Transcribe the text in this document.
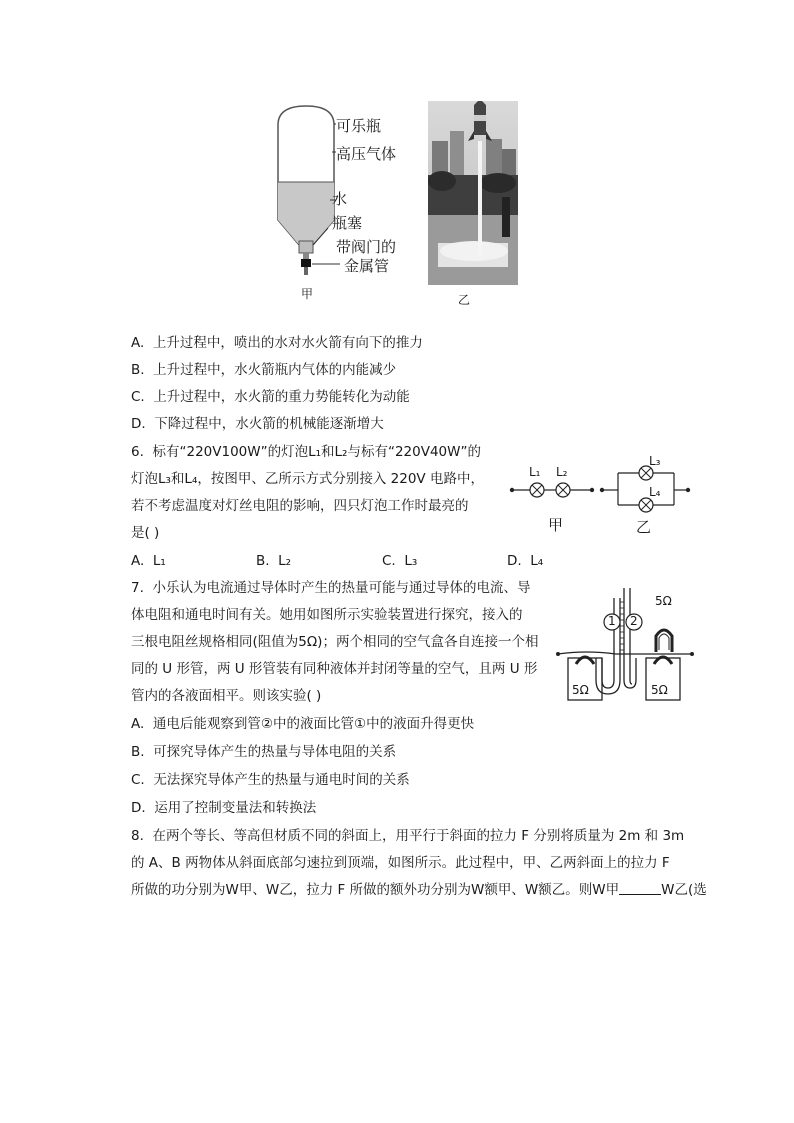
可乐瓶
高压气体
水
瓶塞
带阀门的
金属管
甲	乙
A. 上升过程中，喷出的水对水火箭有向下的推力
B. 上升过程中，水火箭瓶内气体的内能减少
C. 上升过程中，水火箭的重力势能转化为动能
D. 下降过程中，水火箭的机械能逐渐增大
6. 标有“220V100W”的灯泡L₁和L₂与标有“220V40W”的
灯泡L₃和L₄，按图甲、乙所示方式分别接入 220V 电路中，
若不考虑温度对灯丝电阻的影响，四只灯泡工作时最亮的
是( )
L₁ L₂
甲
L₃
L₄
乙
A. L₁	B. L₂	C. L₃	D. L₄
7. 小乐认为电流通过导体时产生的热量可能与通过导体的电流、导
体电阻和通电时间有关。她用如图所示实验装置进行探究，接入的
三根电阻丝规格相同(阻值为5Ω)；两个相同的空气盒各自连接一个相
同的 U 形管，两 U 形管装有同种液体并封闭等量的空气，且两 U 形
管内的各液面相平。则该实验( )
1 2
5Ω
5Ω	5Ω
A. 通电后能观察到管②中的液面比管①中的液面升得更快
B. 可探究导体产生的热量与导体电阻的关系
C. 无法探究导体产生的热量与通电时间的关系
D. 运用了控制变量法和转换法
8. 在两个等长、等高但材质不同的斜面上，用平行于斜面的拉力 F 分别将质量为 2m 和 3m
的 A、B 两物体从斜面底部匀速拉到顶端，如图所示。此过程中，甲、乙两斜面上的拉力 F
所做的功分别为W甲、W乙，拉力 F 所做的额外功分别为W额甲、W额乙。则W甲	W乙(选
